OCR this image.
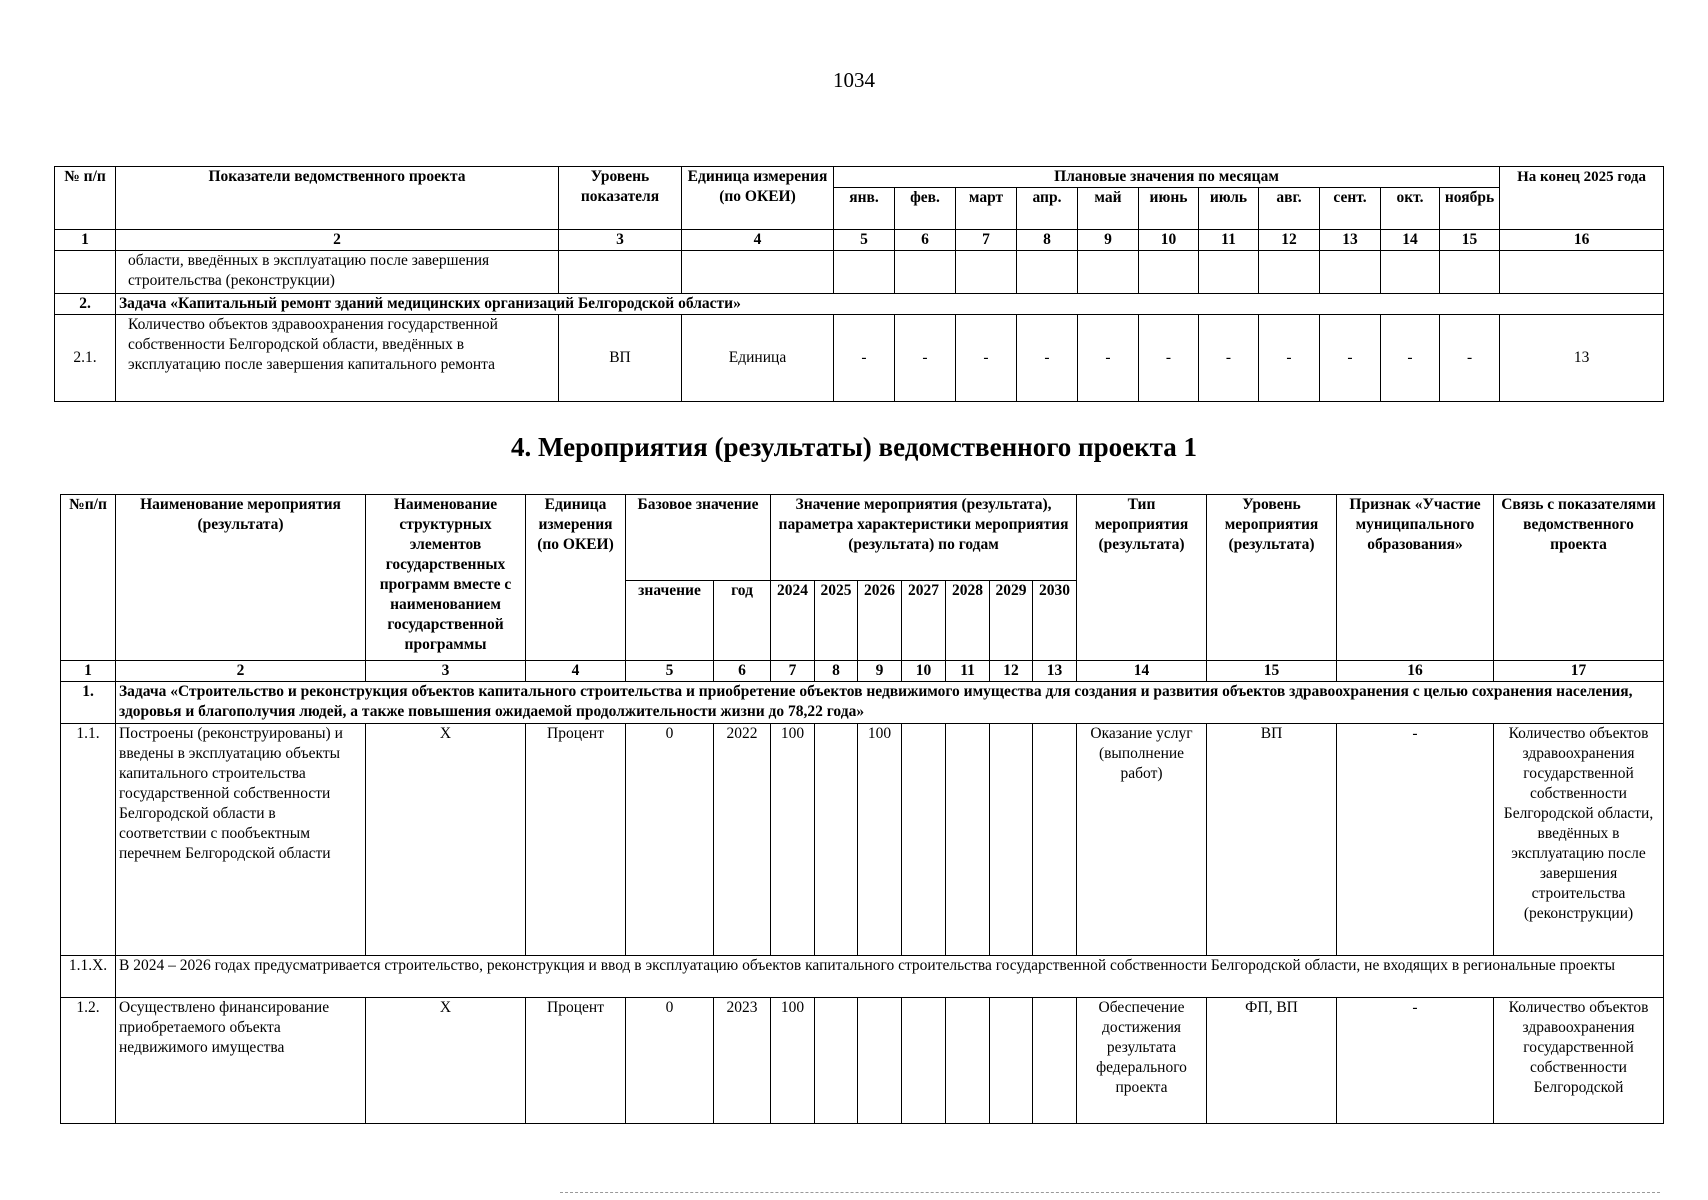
1034
№ п/п	Показатели ведомственного проекта	Уровень показателя	Единица измерения (по ОКЕИ)	Плановые значения по месяцам											На конец 2025 года
				янв.	фев.	март	апр.	май	июнь	июль	авг.	сент.	окт.	ноябрь	
1	2	3	4	5	6	7	8	9	10	11	12	13	14	15	16
	области, введённых в эксплуатацию после завершения строительства (реконструкции)														
2.	Задача «Капитальный ремонт зданий медицинских организаций Белгородской области»														
2.1.	Количество объектов здравоохранения государственной собственности Белгородской области, введённых в эксплуатацию после завершения капитального ремонта	ВП	Единица	-	-	-	-	-	-	-	-	-	-	-	13
4. Мероприятия (результаты) ведомственного проекта 1
№п/п	Наименование мероприятия (результата)	Наименование структурных элементов государственных программ вместе с наименованием государственной программы	Единица измерения (по ОКЕИ)	Базовое значение		Значение мероприятия (результата), параметра характеристики мероприятия (результата) по годам							Тип мероприятия (результата)	Уровень мероприятия (результата)	Признак «Участие муниципального образования»	Связь с показателями ведомственного проекта
				значение	год	2024	2025	2026	2027	2028	2029	2030				
1	2	3	4	5	6	7	8	9	10	11	12	13	14	15	16	17
1.	Задача «Строительство и реконструкция объектов капитального строительства и приобретение объектов недвижимого имущества для создания и развития объектов здравоохранения с целью сохранения населения, здоровья и благополучия людей, а также повышения ожидаемой продолжительности жизни до 78,22 года»															
1.1.	Построены (реконструированы) и введены в эксплуатацию объекты капитального строительства государственной собственности Белгородской области в соответствии с пообъектным перечнем Белгородской области	Х	Процент	0	2022	100		100					Оказание услуг (выполнение работ)	ВП	-	Количество объектов здравоохранения государственной собственности Белгородской области, введённых в эксплуатацию после завершения строительства (реконструкции)
1.1.Х.	В 2024 – 2026 годах предусматривается строительство, реконструкция и ввод в эксплуатацию объектов капитального строительства государственной собственности Белгородской области, не входящих в региональные проекты															
1.2.	Осуществлено финансирование приобретаемого объекта недвижимого имущества	Х	Процент	0	2023	100							Обеспечение достижения результата федерального проекта	ФП, ВП	-	Количество объектов здравоохранения государственной собственности Белгородской
